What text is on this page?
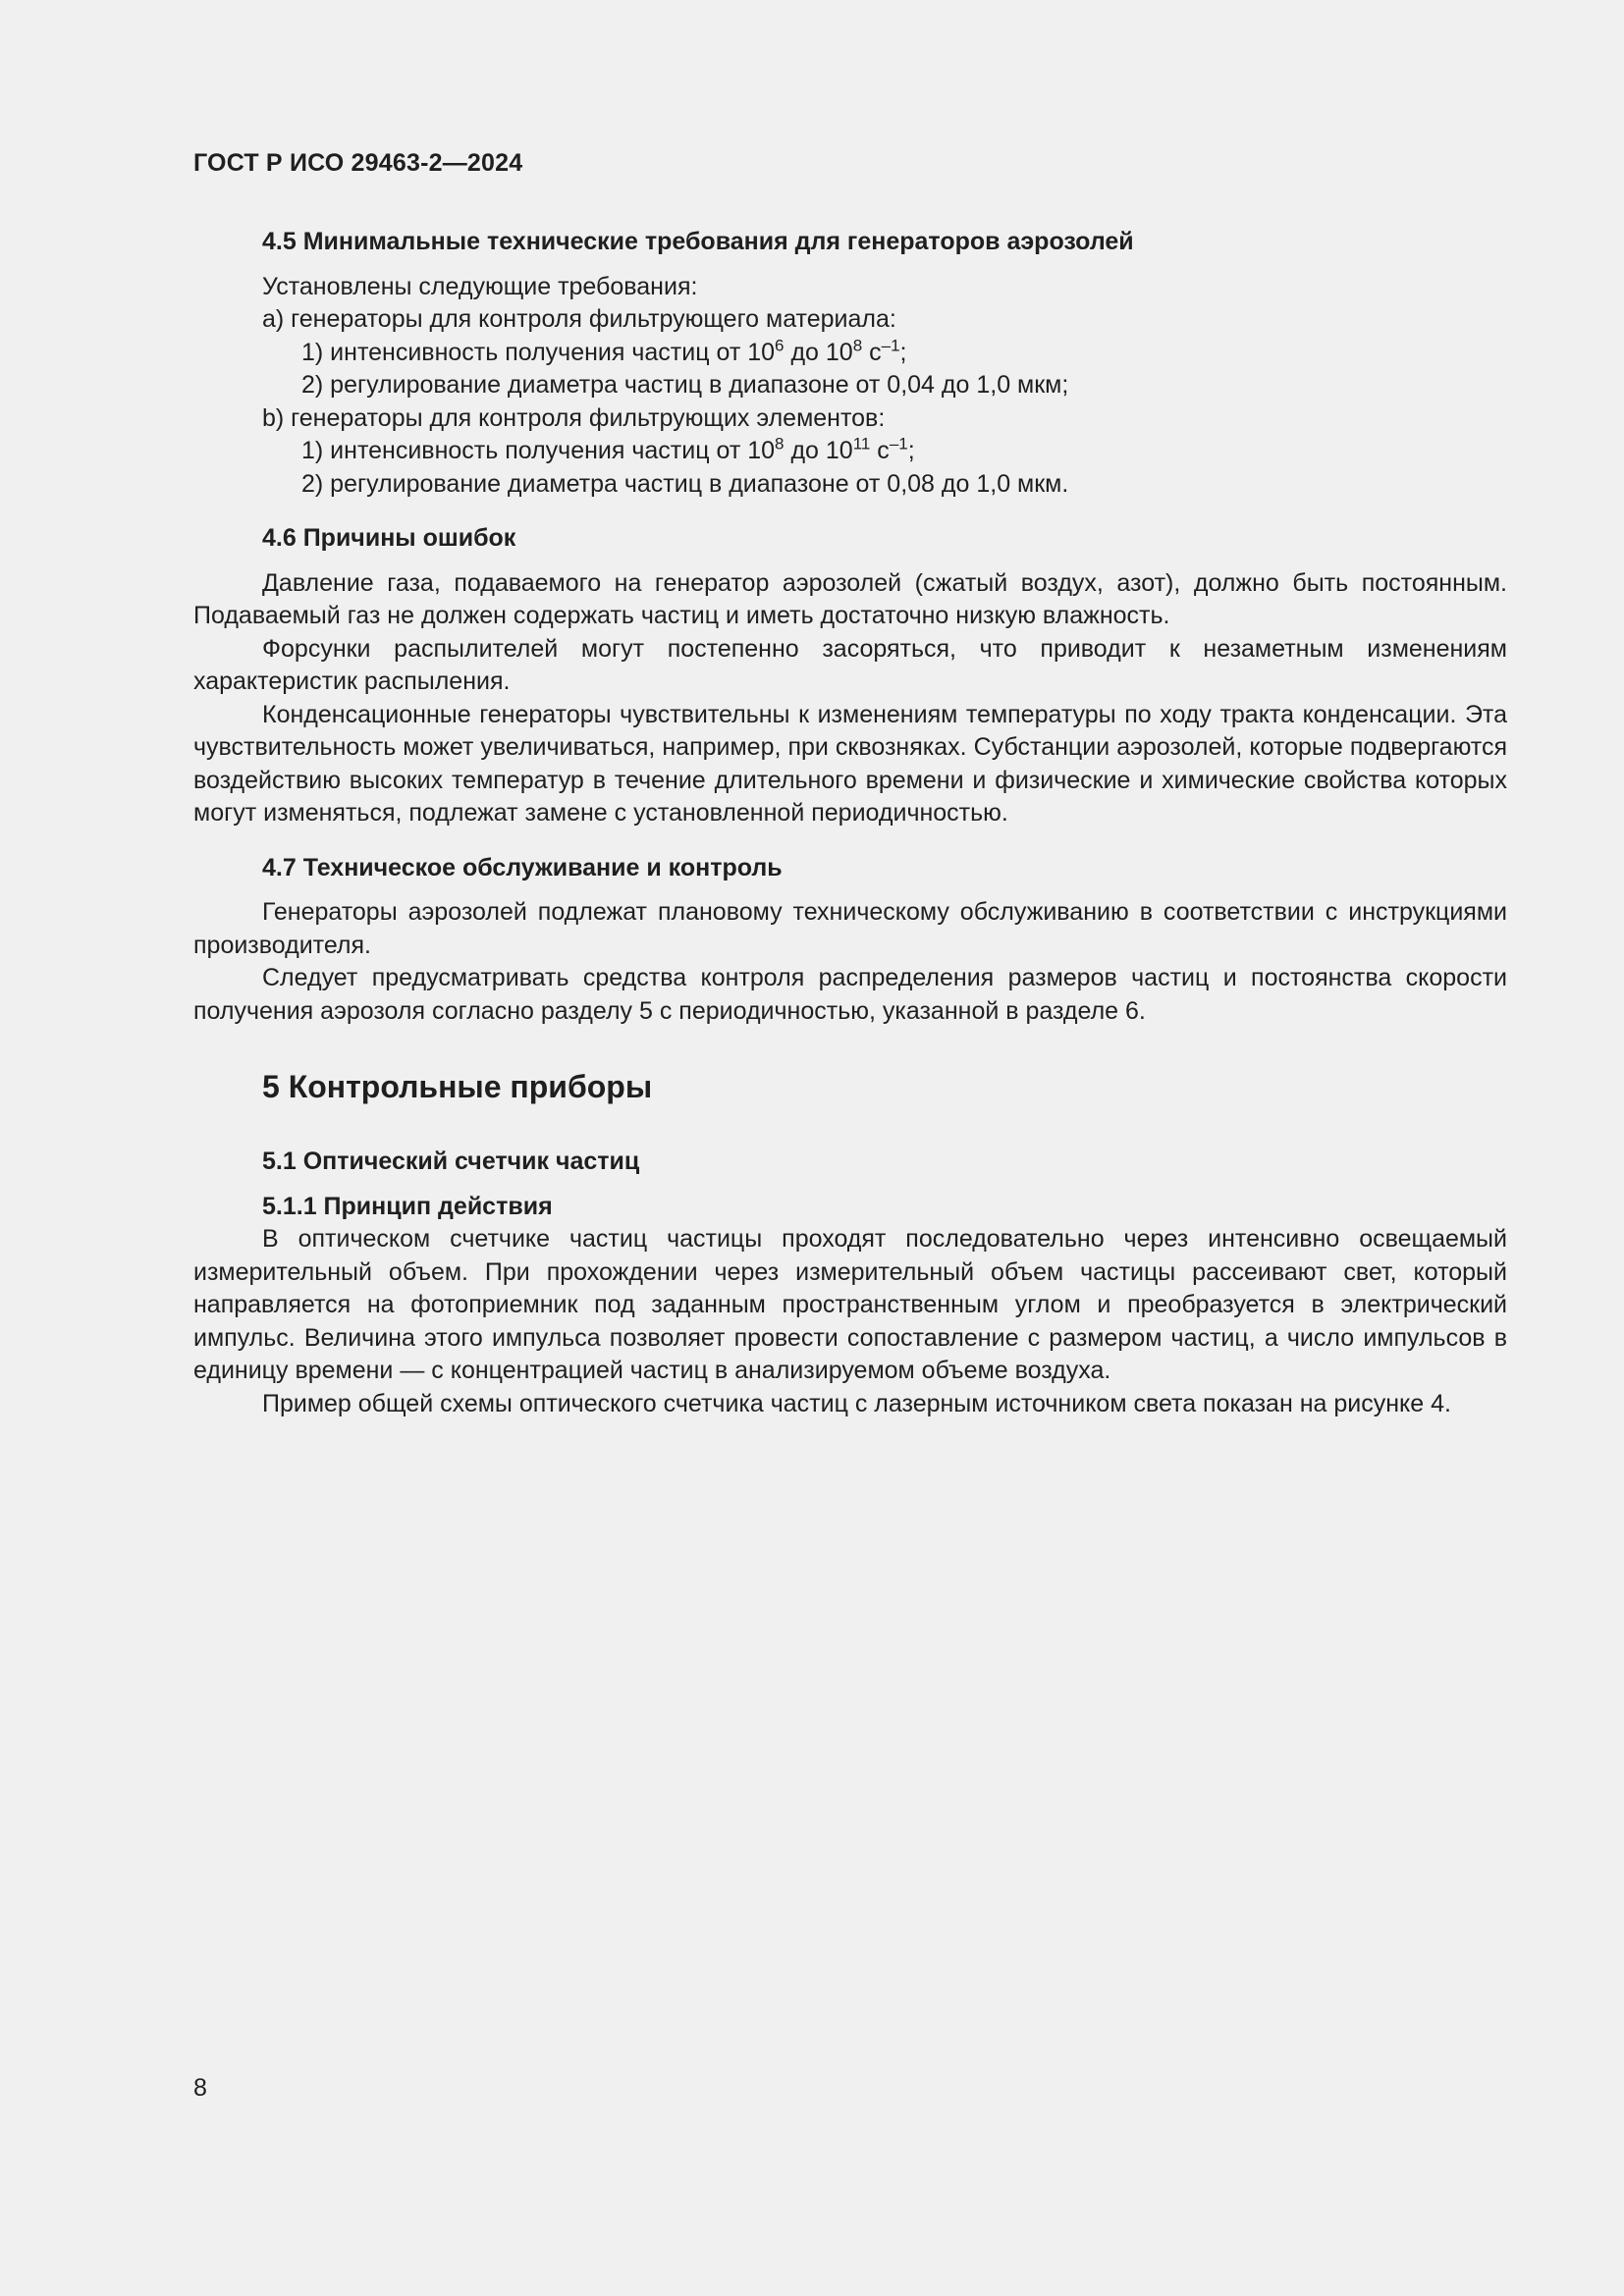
ГОСТ Р ИСО 29463-2—2024
4.5 Минимальные технические требования для генераторов аэрозолей
Установлены следующие требования:
а) генераторы для контроля фильтрующего материала:
1) интенсивность получения частиц от $10^6$ до $10^8$ $с^{-1}$;
2) регулирование диаметра частиц в диапазоне от 0,04 до 1,0 мкм;
b) генераторы для контроля фильтрующих элементов:
1) интенсивность получения частиц от $10^8$ до $10^{11}$ $с^{-1}$;
2) регулирование диаметра частиц в диапазоне от 0,08 до 1,0 мкм.
4.6 Причины ошибок

Давление газа, подаваемого на генератор аэрозолей (сжатый воздух, азот), должно быть постоянным. Подаваемый газ не должен содержать частиц и иметь достаточно низкую влажность.

Форсунки распылителей могут постепенно засоряться, что приводит к незаметным изменениям характеристик распыления.

Конденсационные генераторы чувствительны к изменениям температуры по ходу тракта конденсации. Эта чувствительность может увеличиваться, например, при сквозняках. Субстанции аэрозолей, которые подвергаются воздействию высоких температур в течение длительного времени и физические и химические свойства которых могут изменяться, подлежат замене с установленной периодичностью.

4.7 Техническое обслуживание и контроль

Генераторы аэрозолей подлежат плановому техническому обслуживанию в соответствии с инструкциями производителя.

Следует предусматривать средства контроля распределения размеров частиц и постоянства скорости получения аэрозоля согласно разделу 5 с периодичностью, указанной в разделе 6.

5 Контрольные приборы
5.1 Оптический счетчик частиц
5.1.1 Принцип действия

В оптическом счетчике частиц частицы проходят последовательно через интенсивно освещаемый измерительный объем. При прохождении через измерительный объем частицы рассеивают свет, который направляется на фотоприемник под заданным пространственным углом и преобразуется в электрический импульс. Величина этого импульса позволяет провести сопоставление с размером частиц, а число импульсов в единицу времени — с концентрацией частиц в анализируемом объеме воздуха.

Пример общей схемы оптического счетчика частиц с лазерным источником света показан на рисунке 4.

8
